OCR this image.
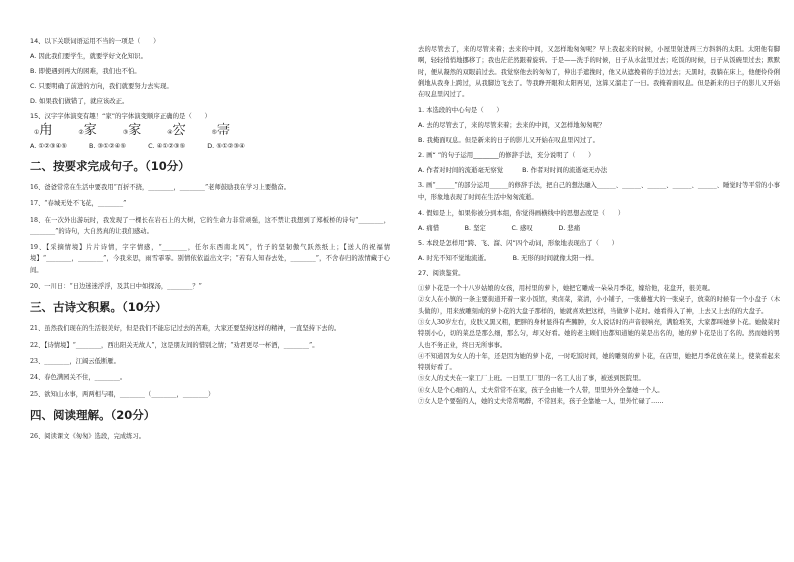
14、以下关联词语运用不当的一项是（　　）
A. 因此我们要学生，就要学好文化知识。
B. 即使遇到再大的困难，我们也不怕。
C. 只要明确了前进的方向，我们就要努力去实现。
D. 如果我们做错了，就应该改正。
15、汉字字体演变有趣！“家”的字体演变顺序正确的是（　　）
①甪	②家	③家	④㝐	⑤𡨦
A. ①②③④⑤	B. ③①②④⑤	C. ④①②③⑤	D. ⑤①②③④
二、按要求完成句子。（10分）
16、爸爸常常在生活中要我用“百折不挠，________，________”老师鼓励我在学习上要勤奋。
17、“春城无处不飞花，________”
18、在一次外出游玩时，我发现了一棵长在岩石上的大树，它的生命力非常顽强，这不禁让我想到了郑板桥的诗句“________，________”的诗句，大自然真的让我们感动。
19、【采摘情境】片片诗情，字字情感，“________，任尔东西南北风”，竹子的坚韧傲气跃然纸上；【送人的祝福情境】“________，________”，今我来思，雨雪霏霏。别情依依溢出文字；“若有人知春去处，________”，不舍春归的浓情藏于心间。
20、一川日：“日边迷迷浮浮，及其日中如探汤，________？”
三、古诗文积累。（10分）
21、虽然我们现在的生活很美好，但是我们不能忘记过去的苦难，大家还要坚持这样的精神，一直坚持下去的。
22、【诗情境】“________，西出阳关无故人”，这是朋友间的惜别之情；“劝君更尽一杯酒，________”。
23、________，江阔云低断雁。
24、春色满园关不住，________。
25、欲知山水事，两两相与唱，________（________，________）
四、阅读理解。（20分）
26、阅读课文《匆匆》选段，完成练习。
去的尽管去了，来的尽管来着；去来的中间，又怎样地匆匆呢？早上我起来的时候，小屋里射进两三方斜斜的太阳。太阳他有脚啊，轻轻悄悄地挪移了；我也茫茫然跟着旋转。于是——洗手的时候，日子从水盆里过去；吃饭的时候，日子从饭碗里过去；默默时，便从凝然的双眼前过去。我觉察他去的匆匆了，伸出手遮挽时，他又从遮挽着的手边过去；天黑时，我躺在床上，他便伶伶俐俐地从我身上跨过，从我脚边飞去了。等我睁开眼和太阳再见，这算又溜走了一日。我掩着面叹息。但是新来的日子的影儿又开始在叹息里闪过了。
1. 本选段的中心句是（　　）
A. 去的尽管去了，来的尽管来着；去来的中间，又怎样地匆匆呢？
B. 我掩面叹息。但是新来的日子的影儿又开始在叹息里闪过了。
2. 画“ ”的句子运用________的修辞手法，充分说明了（　　）
A. 作者对时间的流逝毫无察觉　　　B. 作者对时间的流逝毫无办法
3. 画“______”的部分运用______的修辞手法，把自己的想法融入______、______、______、______、______、睡觉时等平常的小事中，形象地表现了时间在生活中匆匆流逝。
4. 假如是上，如果你被分到本组，你觉得画横线中的思想态度是（　　）
A. 痛惜　　　　B. 坚定　　　　C. 感叹　　　　D. 悲痛
5. 本段是怎样用“跨、飞、溜、闪”四个动词，形象地表现出了（　　）
A. 时光不知不觉地流逝。　　　　B. 无形的时间就像太阳一样。
27、阅读鉴赏。
①萝卜花是一个十八岁姑娘的女孩，用村里的萝卜，她把它雕成一朵朵月季花，嫁给他，花盘开，很美观。
②女人在小镇的一条主要街道开着一家小饭馆，卖卤菜，菜清，小小铺子，一张藤蔓大的一张桌子，放菜的时候有一个小盘子（木头做的），用来放雕刻成的萝卜花的大盘子那样的，她就喜欢把这样，当做萝卜花时。她看得入了神，上去又上去的的大盘子。
③女人30岁左右，皮肤又黑又粗，肥胖的身材显得有些臃肿，女人说话时的声音很响亮，满脸堆笑，大家都叫她萝卜花。她做菜时特别小心，切的菜总是那么细，那么匀，却又好看。她的老主顾们也都知道她的菜是出名的，她的萝卜花是出了名的。然而她的男人也不务正业，终日无所事事。
④不知道因为女人的十年，还是因为她的萝卜花，一时吃饭时间，她的雕刻的萝卜花，在店里，她把月季花放在菜上，使菜看起来特别好看了。
⑤女人的丈夫在一家工厂上班。一日里工厂里的一名工人出了事，被送到医院里。
⑥女人是个心细的人，丈夫常常不在家，孩子全由她一个人带，里里外外全靠她一个人。
⑦女人是个要强的人，她的丈夫常常喝醉，不常回来，孩子全靠她一人，里外忙碌了……
